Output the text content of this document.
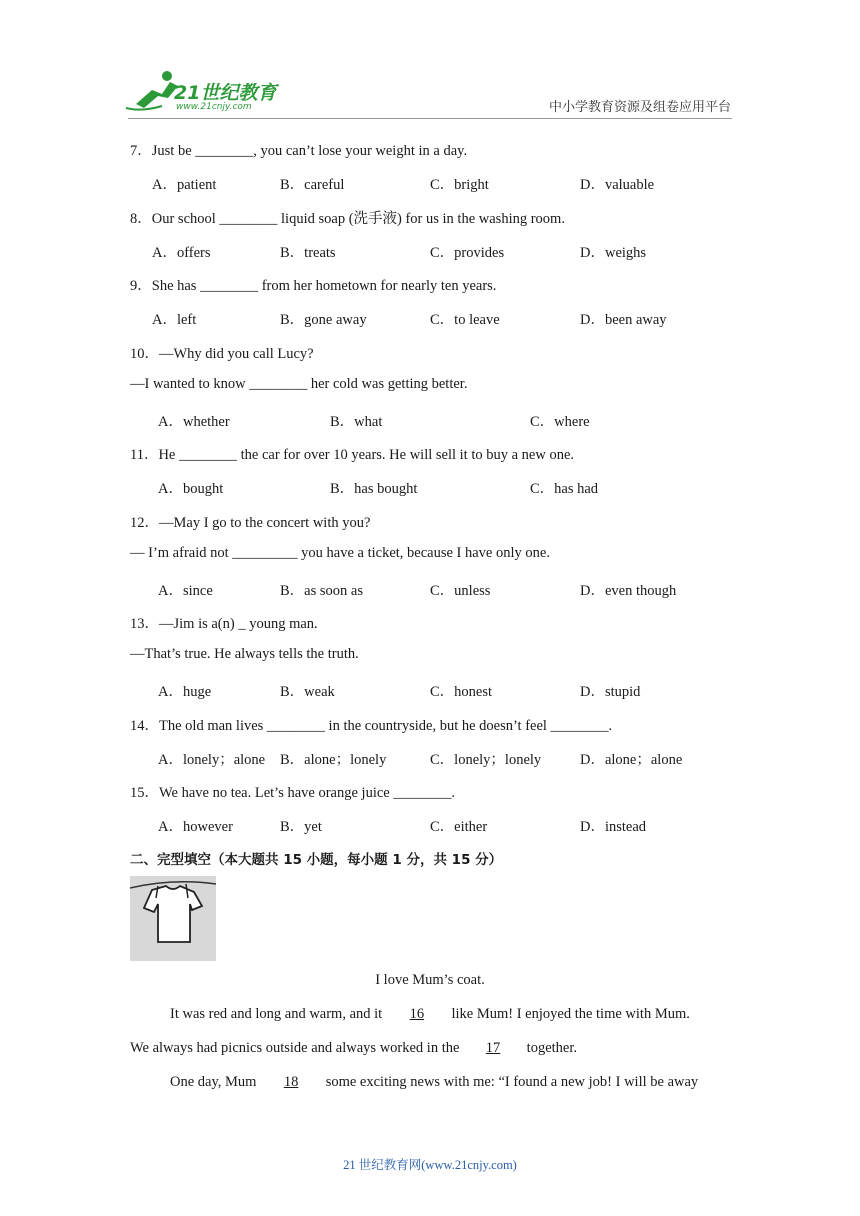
21世纪教育
www.21cnjy.com	中小学教育资源及组卷应用平台
7．Just be ________, you can’t lose your weight in a day.
A．patient	B．careful	C．bright	D．valuable
8．Our school ________ liquid soap (洗手液) for us in the washing room.
A．offers	B．treats	C．provides	D．weighs
9．She has ________ from her hometown for nearly ten years.
A．left	B．gone away	C．to leave	D．been away
10．—Why did you call Lucy?
—I wanted to know ________ her cold was getting better.
A．whether	B．what	C．where
11．He ________ the car for over 10 years. He will sell it to buy a new one.
A．bought	B．has bought	C．has had
12．—May I go to the concert with you?
— I’m afraid not _________ you have a ticket, because I have only one.
A．since	B．as soon as	C．unless	D．even though
13．—Jim is a(n) _ young man.
—That’s true. He always tells the truth.
A．huge	B．weak	C．honest	D．stupid
14．The old man lives ________ in the countryside, but he doesn’t feel ________.
A．lonely；alone B．alone；lonely	C．lonely；lonely	D．alone；alone
15．We have no tea. Let’s have orange juice ________.
A．however	B．yet	C．either	D．instead
二、完型填空（本大题共 15 小题，每小题 1 分，共 15 分）
I love Mum’s coat.
It was red and long and warm, and it 16 like Mum! I enjoyed the time with Mum.
We always had picnics outside and always worked in the 17 together.
One day, Mum 18 some exciting news with me: “I found a new job! I will be away
21 世纪教育网(www.21cnjy.com)
